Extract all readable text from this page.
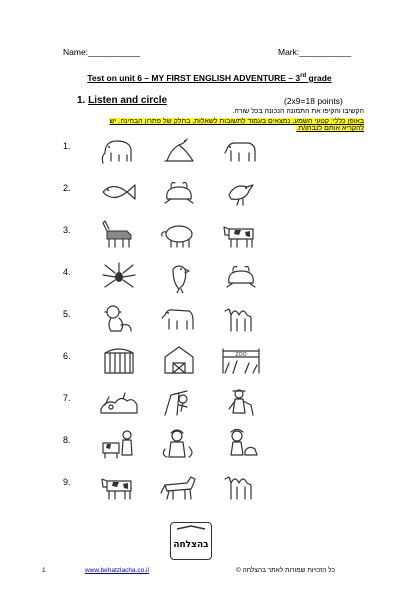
Name:___________	Mark:___________
Test on unit 6 – MY FIRST ENGLISH ADVENTURE – 3rd grade
1. Listen and circle	(2x9=18 points)
הקשיבו והקיפו את התמונה הנכונה בכל שורה.
באופן כללי: קטעי השמע, נמצאים בעמוד לתשובות לשאלות, בחלק של פתרון הבחינה. יש
להקריא אותם לנבחן/ת.
1.
2.
3.
4.
5.
6.	ZOO
7.
8.
9.
בהצלחה
1	www.behatzlacha.co.il	כל הזכויות שמורות לאתר בהצלחה ©
